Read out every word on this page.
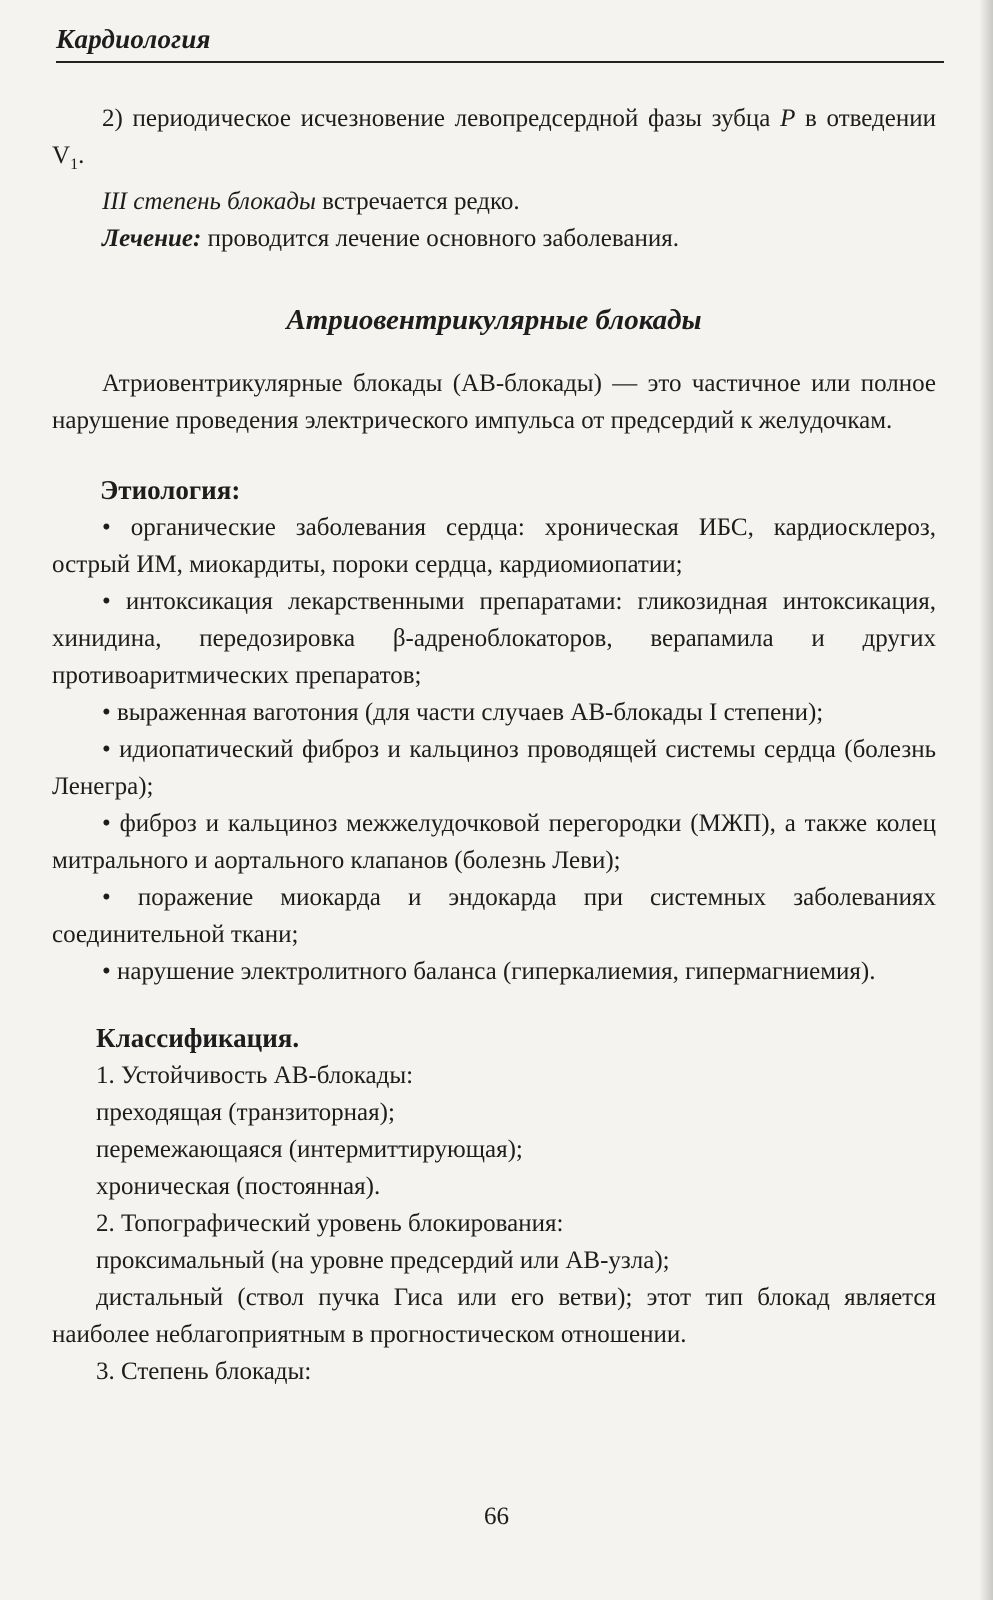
Кардиология

2) периодическое исчезновение левопредсердной фазы зубца P в отведении $V_1$.

III степень блокады встречается редко.

Лечение: проводится лечение основного заболевания.

Атриовентрикулярные блокады

Атриовентрикулярные блокады (АВ-блокады) — это частичное или полное нарушение проведения электрического импульса от предсердий к желудочкам.

Этиология:

• органические заболевания сердца: хроническая ИБС, кардиосклероз, острый ИМ, миокардиты, пороки сердца, кардиомиопатии;

• интоксикация лекарственными препаратами: гликозидная интоксикация, хинидина, передозировка β-адреноблокаторов, верапамила и других противоаритмических препаратов;

• выраженная ваготония (для части случаев АВ-блокады I степени);

• идиопатический фиброз и кальциноз проводящей системы сердца (болезнь Ленегра);

• фиброз и кальциноз межжелудочковой перегородки (МЖП), а также колец митрального и аортального клапанов (болезнь Леви);

• поражение миокарда и эндокарда при системных заболеваниях соединительной ткани;

• нарушение электролитного баланса (гиперкалиемия, гипермагниемия).

Классификация.

1. Устойчивость АВ-блокады:

преходящая (транзиторная);

перемежающаяся (интермиттирующая);

хроническая (постоянная).

2. Топографический уровень блокирования:

проксимальный (на уровне предсердий или АВ-узла);

дистальный (ствол пучка Гиса или его ветви); этот тип блокад является наиболее неблагоприятным в прогностическом отношении.

3. Степень блокады:

66
